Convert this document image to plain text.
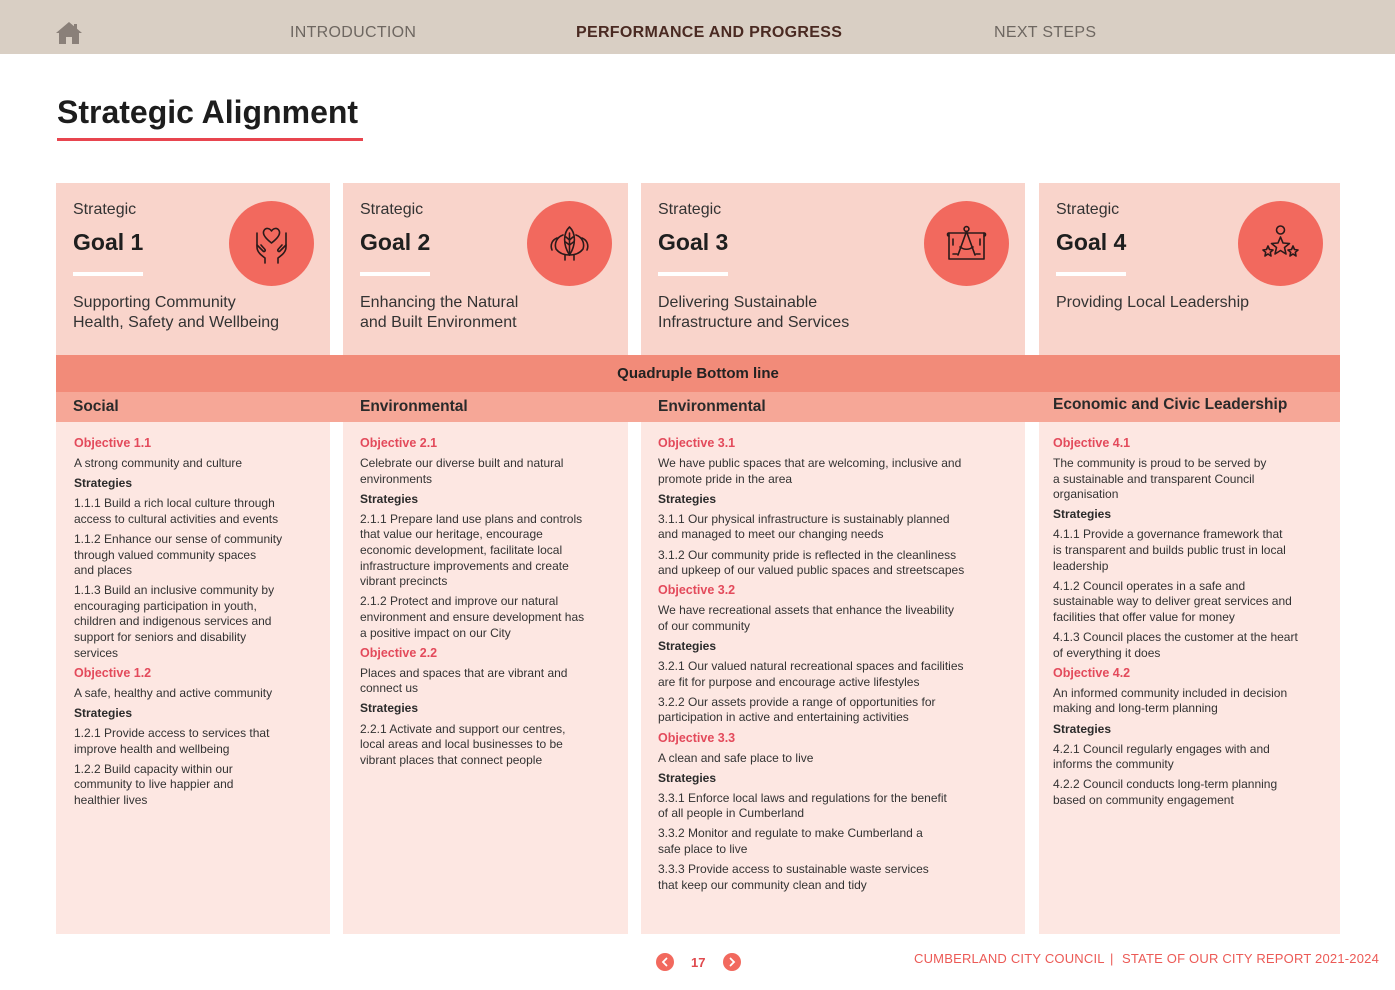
INTRODUCTION	PERFORMANCE AND PROGRESS	NEXT STEPS
Strategic Alignment
Strategic
Goal 1
Supporting Community
Health, Safety and Wellbeing
Strategic
Goal 2
Enhancing the Natural
and Built Environment
Strategic
Goal 3
Delivering Sustainable
Infrastructure and Services
Strategic
Goal 4
Providing Local Leadership
Quadruple Bottom line
Social	Environmental	Environmental	Economic and Civic Leadership

Objective 1.1

A strong community and culture

Strategies

1.1.1 Build a rich local culture through
access to cultural activities and events

1.1.2 Enhance our sense of community
through valued community spaces
and places

1.1.3 Build an inclusive community by
encouraging participation in youth,
children and indigenous services and
support for seniors and disability
services

Objective 1.2

A safe, healthy and active community

Strategies

1.2.1 Provide access to services that
improve health and wellbeing

1.2.2 Build capacity within our
community to live happier and
healthier lives

Objective 2.1

Celebrate our diverse built and natural
environments

Strategies

2.1.1 Prepare land use plans and controls
that value our heritage, encourage
economic development, facilitate local
infrastructure improvements and create
vibrant precincts

2.1.2 Protect and improve our natural
environment and ensure development has
a positive impact on our City

Objective 2.2

Places and spaces that are vibrant and
connect us

Strategies

2.2.1 Activate and support our centres,
local areas and local businesses to be
vibrant places that connect people

Objective 3.1

We have public spaces that are welcoming, inclusive and
promote pride in the area

Strategies

3.1.1 Our physical infrastructure is sustainably planned
and managed to meet our changing needs

3.1.2 Our community pride is reflected in the cleanliness
and upkeep of our valued public spaces and streetscapes

Objective 3.2

We have recreational assets that enhance the liveability
of our community

Strategies

3.2.1 Our valued natural recreational spaces and facilities
are fit for purpose and encourage active lifestyles

3.2.2 Our assets provide a range of opportunities for
participation in active and entertaining activities

Objective 3.3

A clean and safe place to live

Strategies

3.3.1 Enforce local laws and regulations for the benefit
of all people in Cumberland

3.3.2 Monitor and regulate to make Cumberland a
safe place to live

3.3.3 Provide access to sustainable waste services
that keep our community clean and tidy

Objective 4.1

The community is proud to be served by
a sustainable and transparent Council
organisation

Strategies

4.1.1 Provide a governance framework that
is transparent and builds public trust in local
leadership

4.1.2 Council operates in a safe and
sustainable way to deliver great services and
facilities that offer value for money

4.1.3 Council places the customer at the heart
of everything it does

Objective 4.2

An informed community included in decision
making and long-term planning

Strategies

4.2.1 Council regularly engages with and
informs the community

4.2.2 Council conducts long-term planning
based on community engagement

17	CUMBERLAND CITY COUNCIL | STATE OF OUR CITY REPORT 2021-2024
